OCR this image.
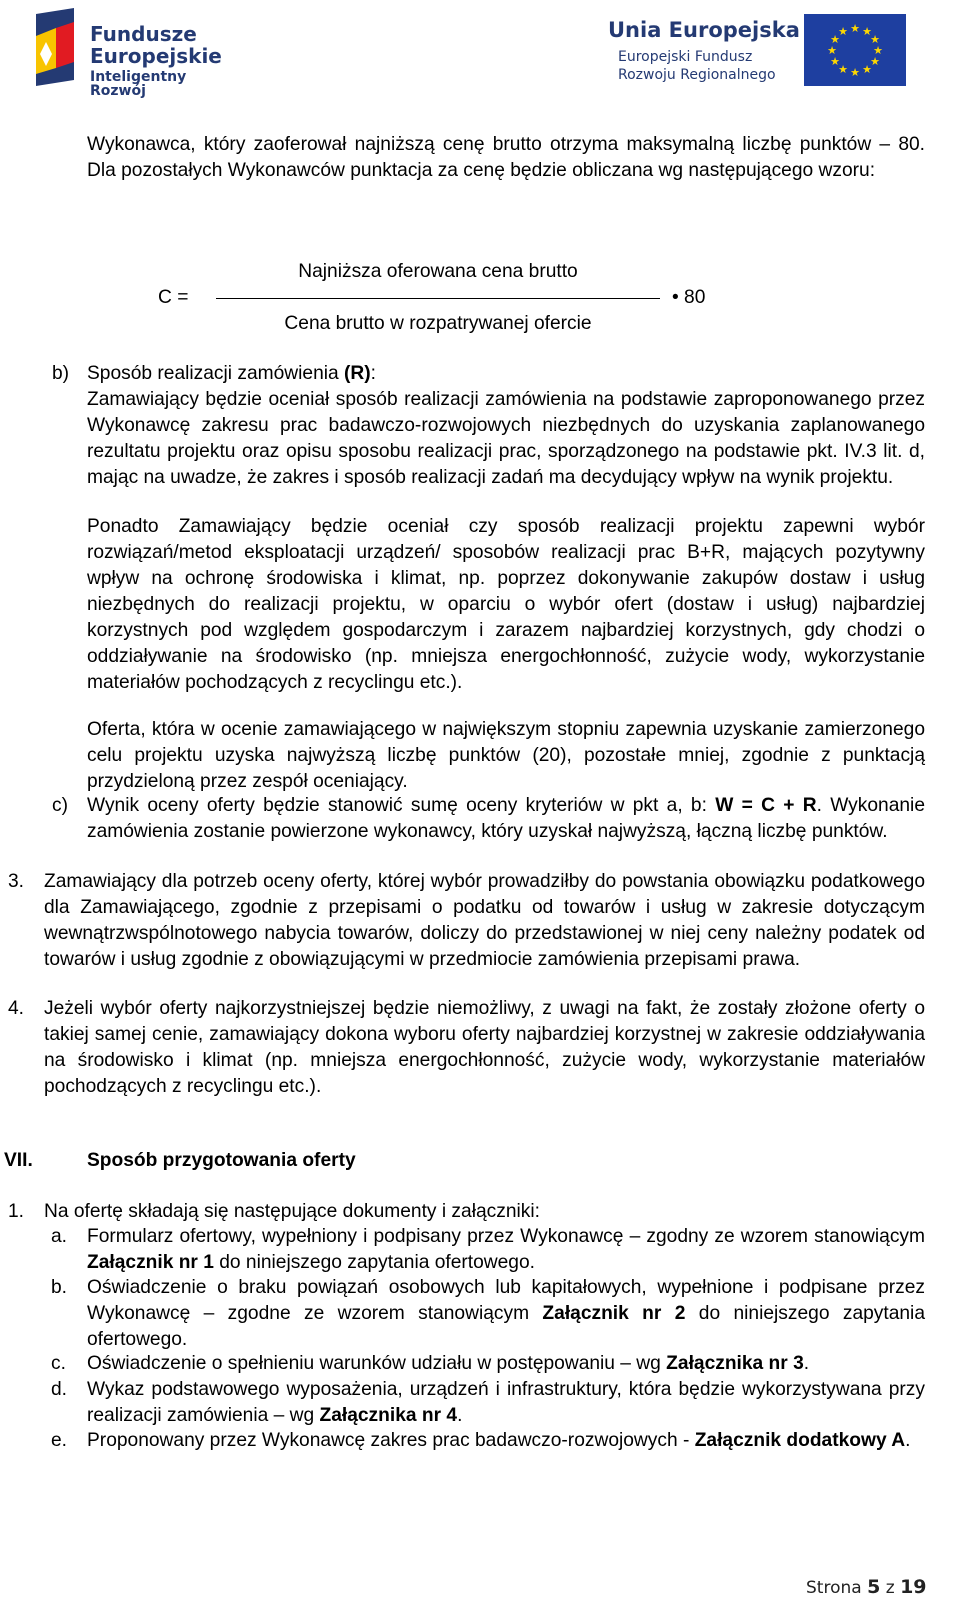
Fundusze
Europejskie
Inteligentny Rozwój
Unia Europejska
Europejski Fundusz
Rozwoju Regionalnego
★ ★
★
★
★
★
★
★
★
★
★
★
Wykonawca, który zaoferował najniższą cenę brutto otrzyma maksymalną liczbę punktów – 80. Dla pozostałych Wykonawców punktacja za cenę będzie obliczana wg następującego wzoru:
C =
Najniższa oferowana cena brutto
Cena brutto w rozpatrywanej ofercie
• 80
b) Sposób realizacji zamówienia (R):
Zamawiający będzie oceniał sposób realizacji zamówienia na podstawie zaproponowanego przez Wykonawcę zakresu prac badawczo-rozwojowych niezbędnych do uzyskania zaplanowanego rezultatu projektu oraz opisu sposobu realizacji prac, sporządzonego na podstawie pkt. IV.3 lit. d, mając na uwadze, że zakres i sposób realizacji zadań ma decydujący wpływ na wynik projektu.
Ponadto Zamawiający będzie oceniał czy sposób realizacji projektu zapewni wybór rozwiązań/metod eksploatacji urządzeń/ sposobów realizacji prac B+R, mających pozytywny wpływ na ochronę środowiska i klimat, np. poprzez dokonywanie zakupów dostaw i usług niezbędnych do realizacji projektu, w oparciu o wybór ofert (dostaw i usług) najbardziej korzystnych pod względem gospodarczym i zarazem najbardziej korzystnych, gdy chodzi o oddziaływanie na środowisko (np. mniejsza energochłonność, zużycie wody, wykorzystanie materiałów pochodzących z recyclingu etc.).
Oferta, która w ocenie zamawiającego w największym stopniu zapewnia uzyskanie zamierzonego celu projektu uzyska najwyższą liczbę punktów (20), pozostałe mniej, zgodnie z punktacją przydzieloną przez zespół oceniający.
c) Wynik oceny oferty będzie stanowić sumę oceny kryteriów w pkt a, b: W = C + R. Wykonanie zamówienia zostanie powierzone wykonawcy, który uzyskał najwyższą, łączną liczbę punktów.
3. Zamawiający dla potrzeb oceny oferty, której wybór prowadziłby do powstania obowiązku podatkowego dla Zamawiającego, zgodnie z przepisami o podatku od towarów i usług w zakresie dotyczącym wewnątrzwspólnotowego nabycia towarów, doliczy do przedstawionej w niej ceny należny podatek od towarów i usług zgodnie z obowiązującymi w przedmiocie zamówienia przepisami prawa.
4. Jeżeli wybór oferty najkorzystniejszej będzie niemożliwy, z uwagi na fakt, że zostały złożone oferty o takiej samej cenie, zamawiający dokona wyboru oferty najbardziej korzystnej w zakresie oddziaływania na środowisko i klimat (np. mniejsza energochłonność, zużycie wody, wykorzystanie materiałów pochodzących z recyclingu etc.).
VII.	Sposób przygotowania oferty
1. Na ofertę składają się następujące dokumenty i załączniki:
a. Formularz ofertowy, wypełniony i podpisany przez Wykonawcę – zgodny ze wzorem stanowiącym Załącznik nr 1 do niniejszego zapytania ofertowego.
b. Oświadczenie o braku powiązań osobowych lub kapitałowych, wypełnione i podpisane przez Wykonawcę – zgodne ze wzorem stanowiącym Załącznik nr 2 do niniejszego zapytania ofertowego.
c. Oświadczenie o spełnieniu warunków udziału w postępowaniu – wg Załącznika nr 3.
d. Wykaz podstawowego wyposażenia, urządzeń i infrastruktury, która będzie wykorzystywana przy realizacji zamówienia – wg Załącznika nr 4.
e. Proponowany przez Wykonawcę zakres prac badawczo-rozwojowych - Załącznik dodatkowy A.
Strona 5 z 19
